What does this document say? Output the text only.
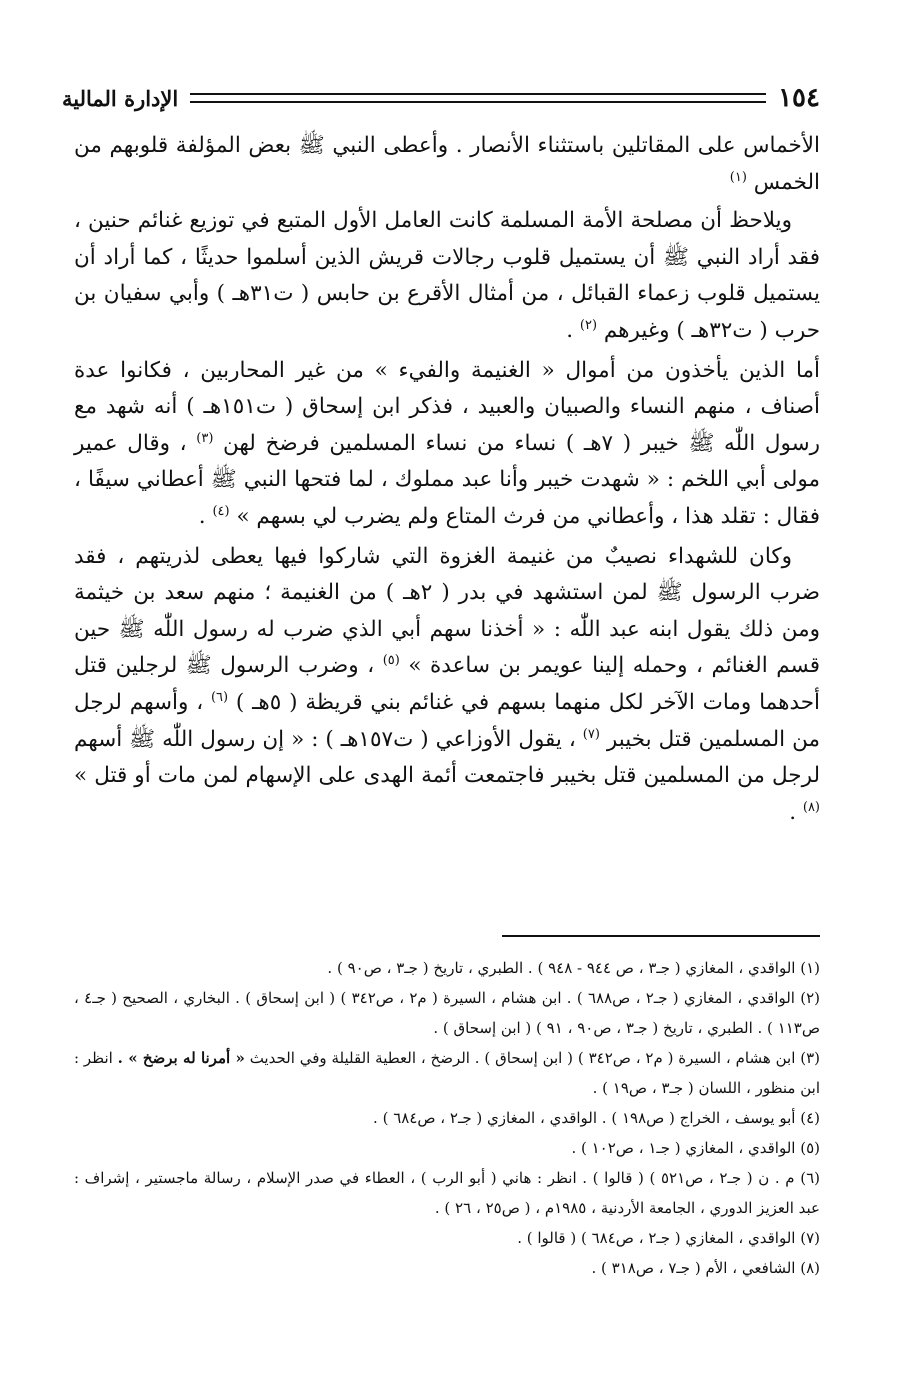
١٥٤
الإدارة المالية

الأخماس على المقاتلين باستثناء الأنصار . وأعطى النبي ﷺ بعض المؤلفة قلوبهم من الخمس $^{(١)}$

ويلاحظ أن مصلحة الأمة المسلمة كانت العامل الأول المتبع في توزيع غنائم حنين ، فقد أراد النبي ﷺ أن يستميل قلوب رجالات قريش الذين أسلموا حديثًا ، كما أراد أن يستميل قلوب زعماء القبائل ، من أمثال الأقرع بن حابس ( ت٣١هـ ) وأبي سفيان بن حرب ( ت٣٢هـ ) وغيرهم $^{(٢)}$ .

أما الذين يأخذون من أموال « الغنيمة والفيء » من غير المحاربين ، فكانوا عدة أصناف ، منهم النساء والصبيان والعبيد ، فذكر ابن إسحاق ( ت١٥١هـ ) أنه شهد مع رسول اللّٰه ﷺ خيبر ( ٧هـ ) نساء من نساء المسلمين فرضخ لهن $^{(٣)}$ ، وقال عمير مولى أبي اللخم : « شهدت خيبر وأنا عبد مملوك ، لما فتحها النبي ﷺ أعطاني سيفًا ، فقال : تقلد هذا ، وأعطاني من فرث المتاع ولم يضرب لي بسهم » $^{(٤)}$ .

وكان للشهداء نصيبٌ من غنيمة الغزوة التي شاركوا فيها يعطى لذريتهم ، فقد ضرب الرسول ﷺ لمن استشهد في بدر ( ٢هـ ) من الغنيمة ؛ منهم سعد بن خيثمة ومن ذلك يقول ابنه عبد اللّٰه : « أخذنا سهم أبي الذي ضرب له رسول اللّٰه ﷺ حين قسم الغنائم ، وحمله إلينا عويمر بن ساعدة » $^{(٥)}$ ، وضرب الرسول ﷺ لرجلين قتل أحدهما ومات الآخر لكل منهما بسهم في غنائم بني قريظة ( ٥هـ ) $^{(٦)}$ ، وأسهم لرجل من المسلمين قتل بخيبر $^{(٧)}$ ، يقول الأوزاعي ( ت١٥٧هـ ) : « إن رسول اللّٰه ﷺ أسهم لرجل من المسلمين قتل بخيبر فاجتمعت أئمة الهدى على الإسهام لمن مات أو قتل » $^{(٨)}$ .

(١) الواقدي ، المغازي ( جـ٣ ، ص ٩٤٤ - ٩٤٨ ) . الطبري ، تاريخ ( جـ٣ ، ص٩٠ ) .

(٢) الواقدي ، المغازي ( جـ٢ ، ص٦٨٨ ) . ابن هشام ، السيرة ( م٢ ، ص٣٤٢ ) ( ابن إسحاق ) . البخاري ، الصحيح ( جـ٤ ، ص١١٣ ) . الطبري ، تاريخ ( جـ٣ ، ص٩٠ ، ٩١ ) ( ابن إسحاق ) .

(٣) ابن هشام ، السيرة ( م٢ ، ص٣٤٢ ) ( ابن إسحاق ) . الرضخ ، العطية القليلة وفي الحديث « أمرنا له برضخ » . انظر : ابن منظور ، اللسان ( جـ٣ ، ص١٩ ) .

(٤) أبو يوسف ، الخراج ( ص١٩٨ ) . الواقدي ، المغازي ( جـ٢ ، ص٦٨٤ ) .

(٥) الواقدي ، المغازي ( جـ١ ، ص١٠٢ ) .

(٦) م . ن ( جـ٢ ، ص٥٢١ ) ( قالوا ) . انظر : هاني ( أبو الرب ) ، العطاء في صدر الإسلام ، رسالة ماجستير ، إشراف : عبد العزيز الدوري ، الجامعة الأردنية ، ١٩٨٥م ، ( ص٢٥ ، ٢٦ ) .

(٧) الواقدي ، المغازي ( جـ٢ ، ص٦٨٤ ) ( قالوا ) .

(٨) الشافعي ، الأم ( جـ٧ ، ص٣١٨ ) .
